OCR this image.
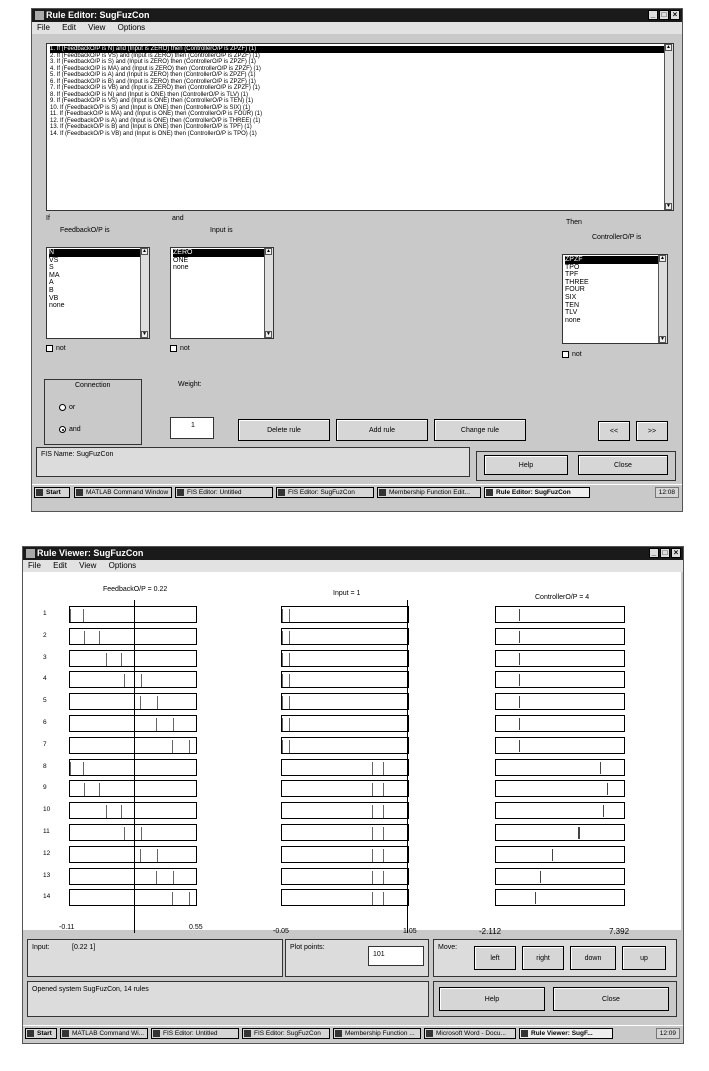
Rule Editor: SugFuzCon	_ □ ×
File Edit View Options
▲
▼
1. If (FeedbackO/P is N) and (Input is ZERO) then (ControllerO/P is ZPZF) (1)
2. If (FeedbackO/P is VS) and (Input is ZERO) then (ControllerO/P is ZPZF) (1)
3. If (FeedbackO/P is S) and (Input is ZERO) then (ControllerO/P is ZPZF) (1)
4. If (FeedbackO/P is MA) and (Input is ZERO) then (ControllerO/P is ZPZF) (1)
5. If (FeedbackO/P is A) and (Input is ZERO) then (ControllerO/P is ZPZF) (1)
6. If (FeedbackO/P is B) and (Input is ZERO) then (ControllerO/P is ZPZF) (1)
7. If (FeedbackO/P is VB) and (Input is ZERO) then (ControllerO/P is ZPZF) (1)
8. If (FeedbackO/P is N) and (Input is ONE) then (ControllerO/P is TLV) (1)
9. If (FeedbackO/P is VS) and (Input is ONE) then (ControllerO/P is TEN) (1)
10. If (FeedbackO/P is S) and (Input is ONE) then (ControllerO/P is SIX) (1)
11. If (FeedbackO/P is MA) and (Input is ONE) then (ControllerO/P is FOUR) (1)
12. If (FeedbackO/P is A) and (Input is ONE) then (ControllerO/P is THREE) (1)
13. If (FeedbackO/P is B) and (Input is ONE) then (ControllerO/P is TPF) (1)
14. If (FeedbackO/P is VB) and (Input is ONE) then (ControllerO/P is TPO) (1)
If	and
Then
FeedbackO/P is	Input is
ControllerO/P is
▲
▼
N
VS
S
MA
A
B
VB
none
▲
▼
ZERO
ONE
none
▲
▼
ZPZF
TPO
TPF
THREE
FOUR
SIX
TEN
TLV
none
not	not
not
Connection
or
and
Weight:
1
Delete rule	Add rule	Change rule	<<	>>
FIS Name: SugFuzCon
Help	Close
Start	MATLAB Command Window	FIS Editor: Untitled	FIS Editor: SugFuzCon	Membership Function Edit...	Rule Editor: SugFuzCon	12:08
Rule Viewer: SugFuzCon	_ □ ×
File Edit View Options
FeedbackO/P = 0.22
Input = 1
ControllerO/P = 4
1
2
3
4
5
6
7
8
9
10
11
12
13
14
-0.11	0.55
-0.05	1.05	-2.112	7.392
Input:	[0.22 1]	Plot points:
101
Move:
left	right	down	up
Opened system SugFuzCon, 14 rules
Help	Close
Start	MATLAB Command Wi...	FIS Editor: Untitled	FIS Editor: SugFuzCon	Membership Function ...	Microsoft Word - Docu...	Rule Viewer: SugF...	12:09
